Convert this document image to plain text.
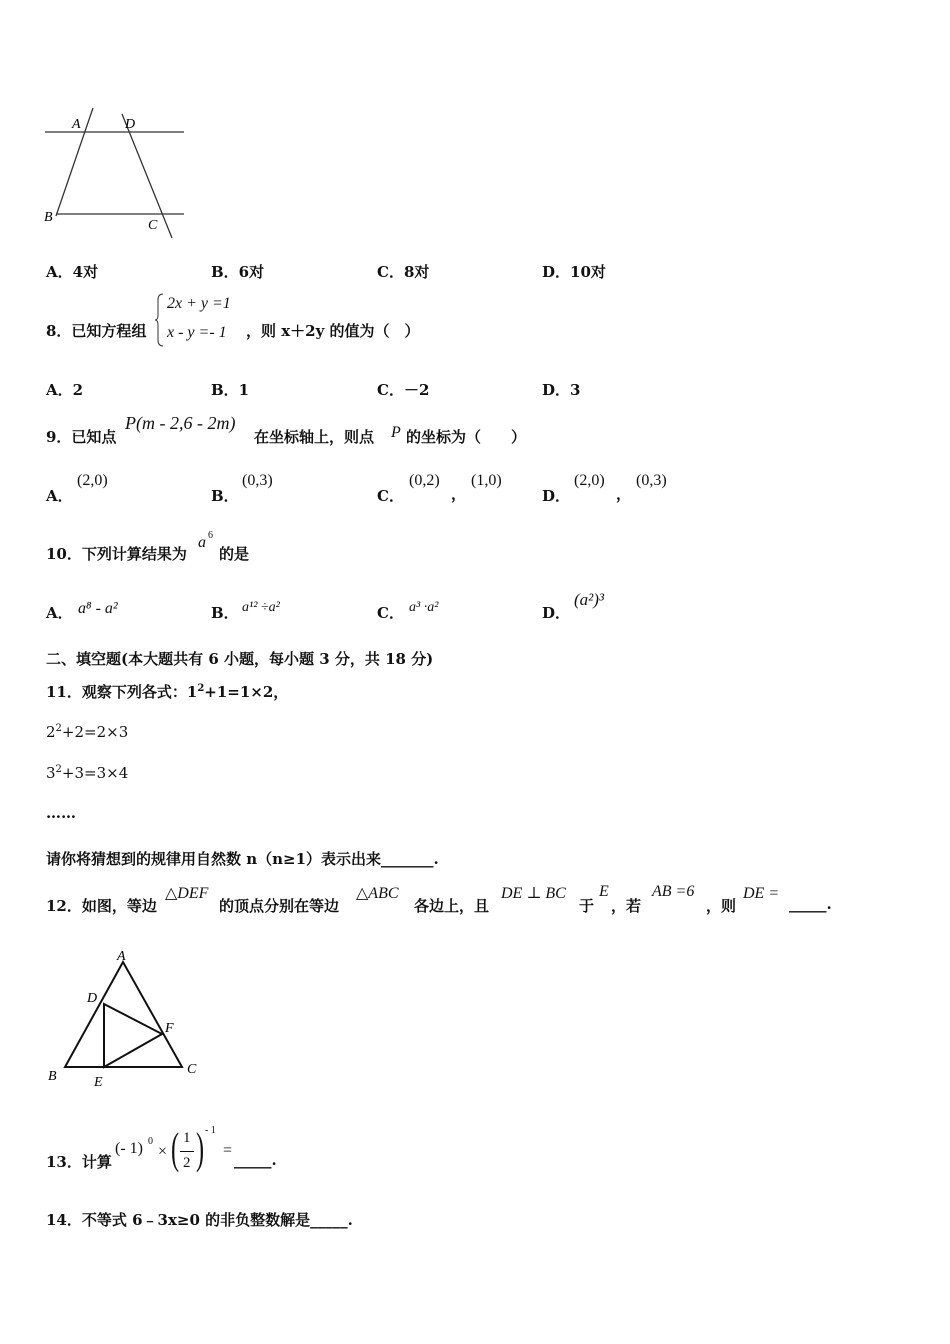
A	D
B
C
A．4对	B．6对	C．8对	D．10对
8．已知方程组
2x + y =1
x - y =- 1 ，则 x＋2y 的值为（　）
A．2	B．1	C．－2	D．3
9．已知点
P(m - 2,6 - 2m)
在坐标轴上，则点 P 的坐标为（　　）
A．
(2,0)
B．
(0,3)
C．
(0,2)
，
(1,0)
D．
(2,0)
，
(0,3)
10．下列计算结果为
a 6
的是
A． a⁸ - a²	B． a¹² ÷a²	C． a³ ·a²	D．
(a²)³
二、填空题(本大题共有 6 小题，每小题 3 分，共 18 分)
11．观察下列各式：$1^2+1=1\times 2$，
$2^2+2=2\times 3$
$3^2+3=3\times 4$
……
请你将猜想到的规律用自然数 n（n≥1）表示出来_______.
12．如图，等边
△DEF
的顶点分别在等边
△ABC
各边上，且
DE ⊥ BC
于
E
，若
AB =6
，则
DE =
_____.
A
D
F
B	E
C
13．计算
(- 1) 0
× ( 1
2 ) - 1
=
_____.
14．不等式 6﹣3x≥0 的非负整数解是_____.
